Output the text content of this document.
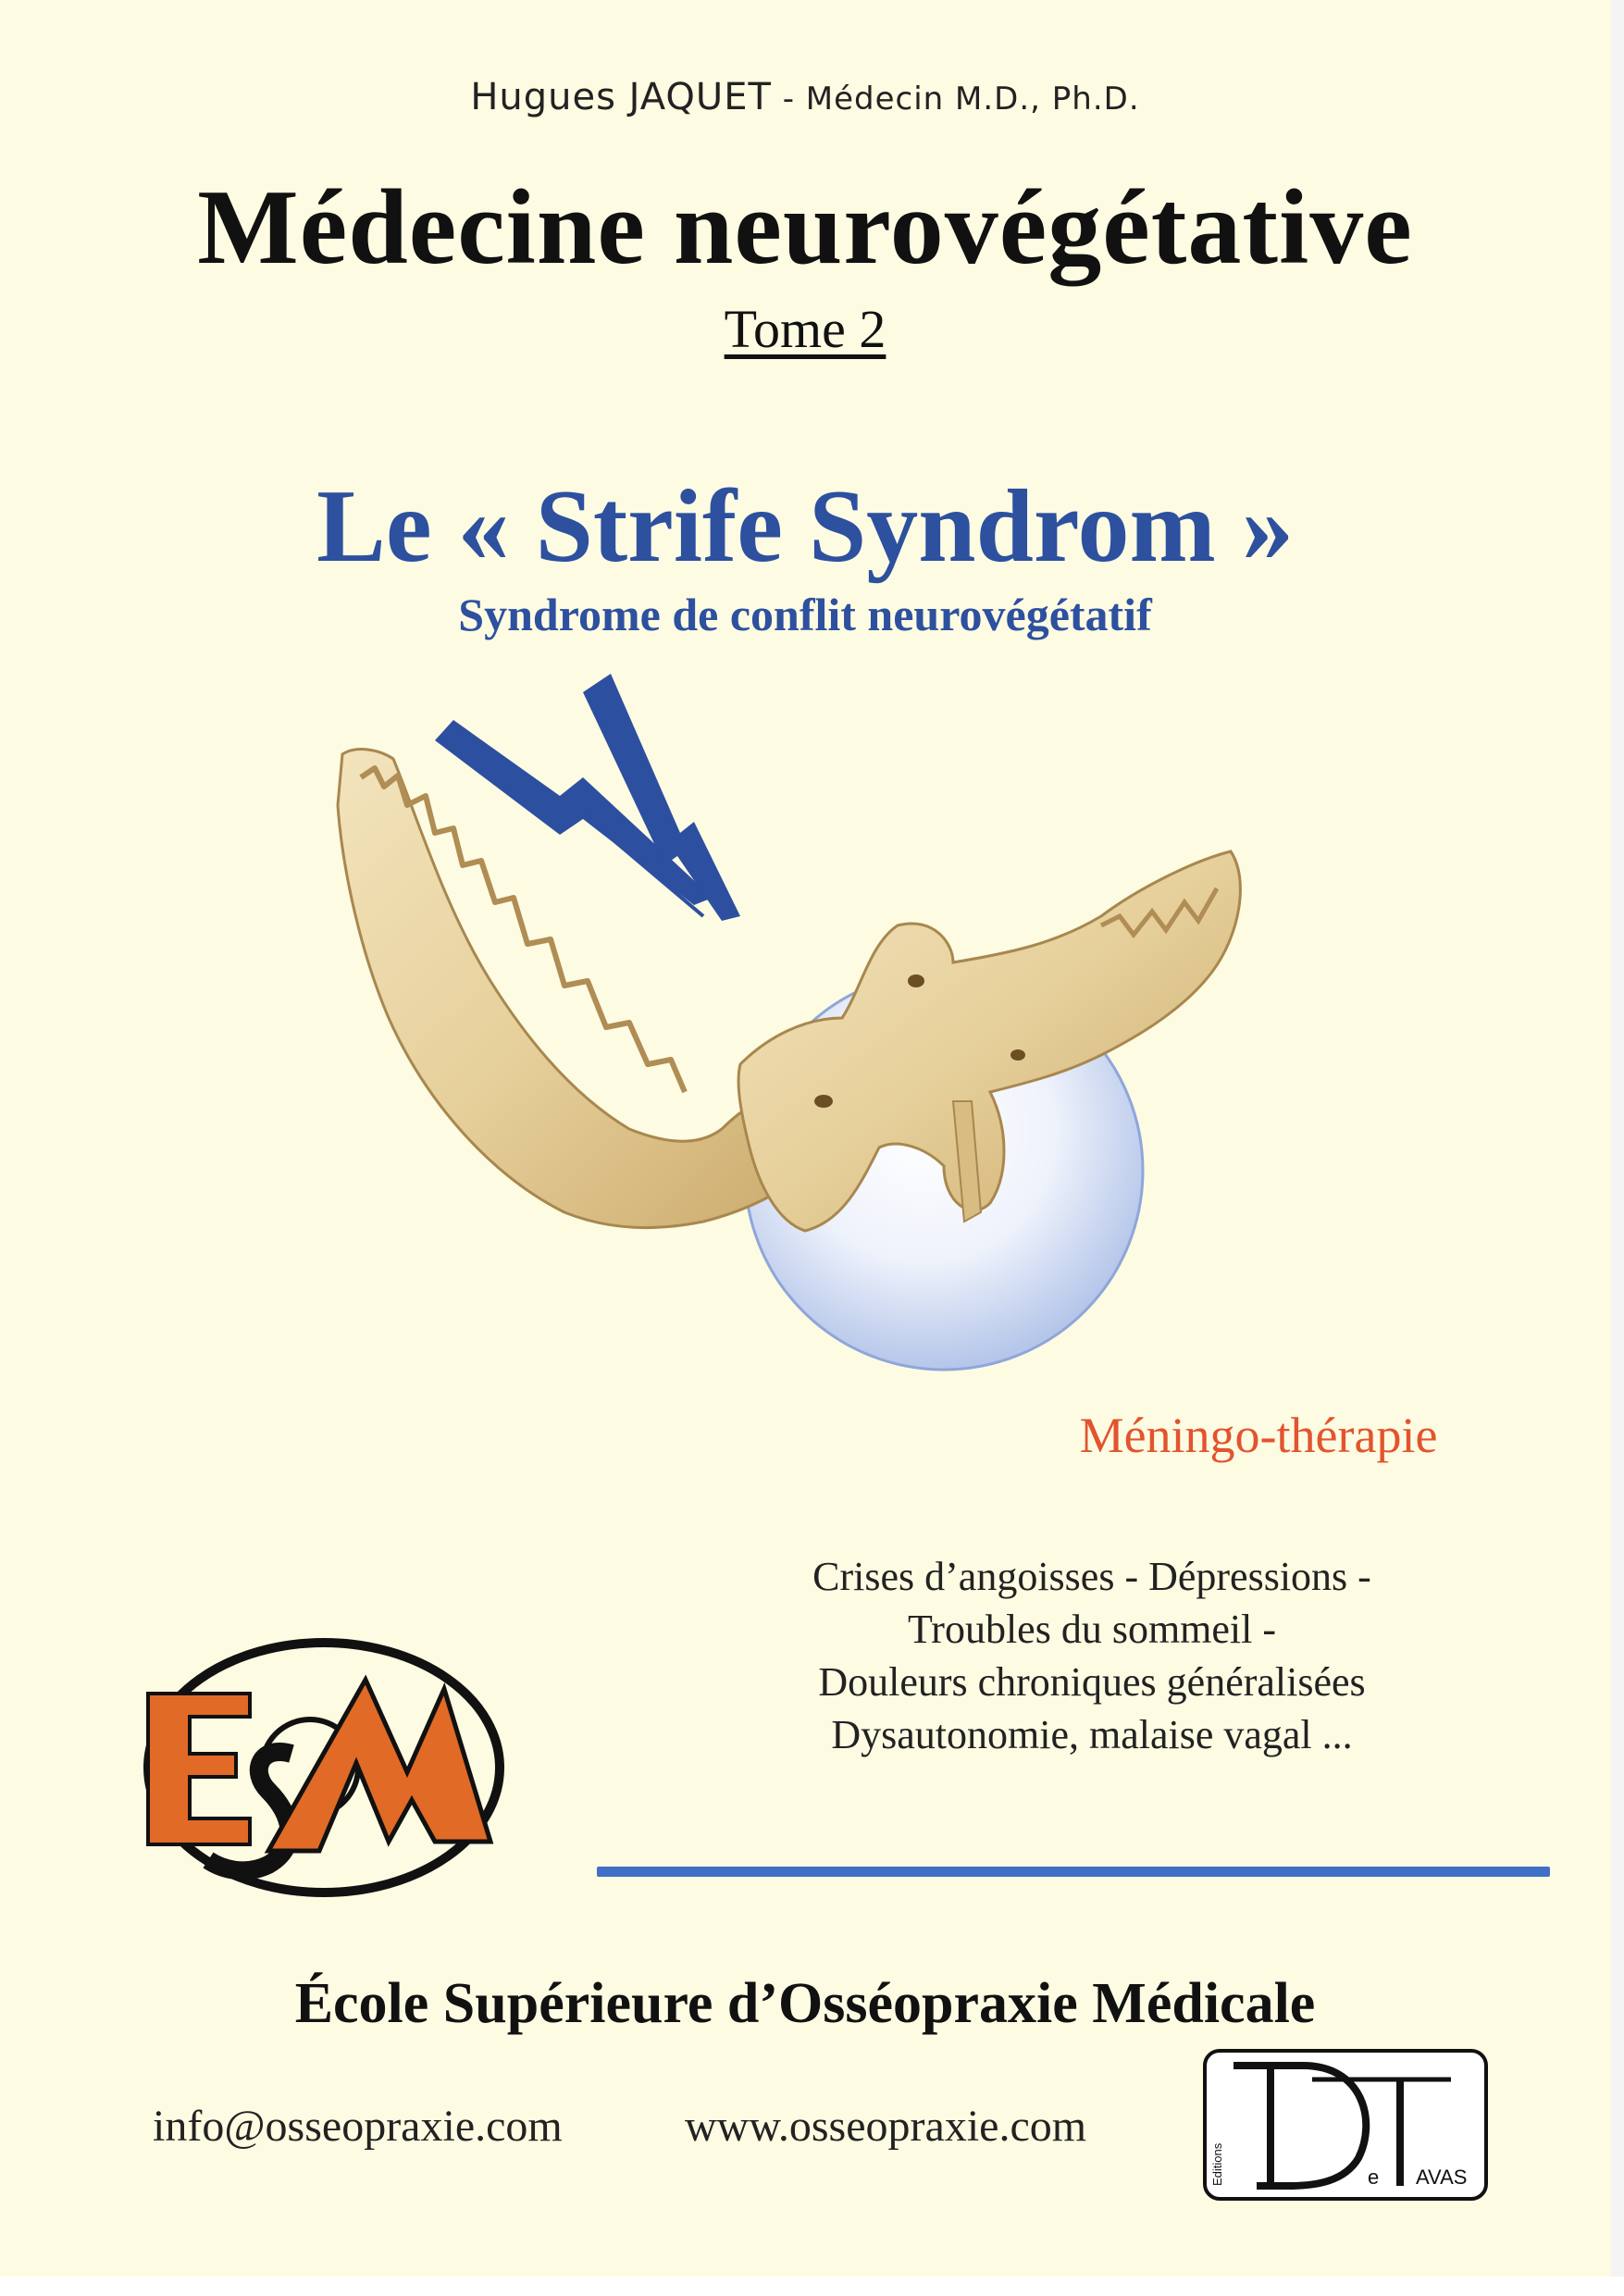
Hugues JAQUET - Médecin M.D., Ph.D.
Médecine neurovégétative
Tome 2
Le « Strife Syndrom »
Syndrome de conflit neurovégétatif
Méningo-thérapie
Crises d’angoisses - Dépressions -
Troubles du sommeil -
Douleurs chroniques généralisées
Dysautonomie, malaise vagal ...
École Supérieure d’Osséopraxie Médicale
info@osseopraxie.com	www.osseopraxie.com
Editions	e AVAS
